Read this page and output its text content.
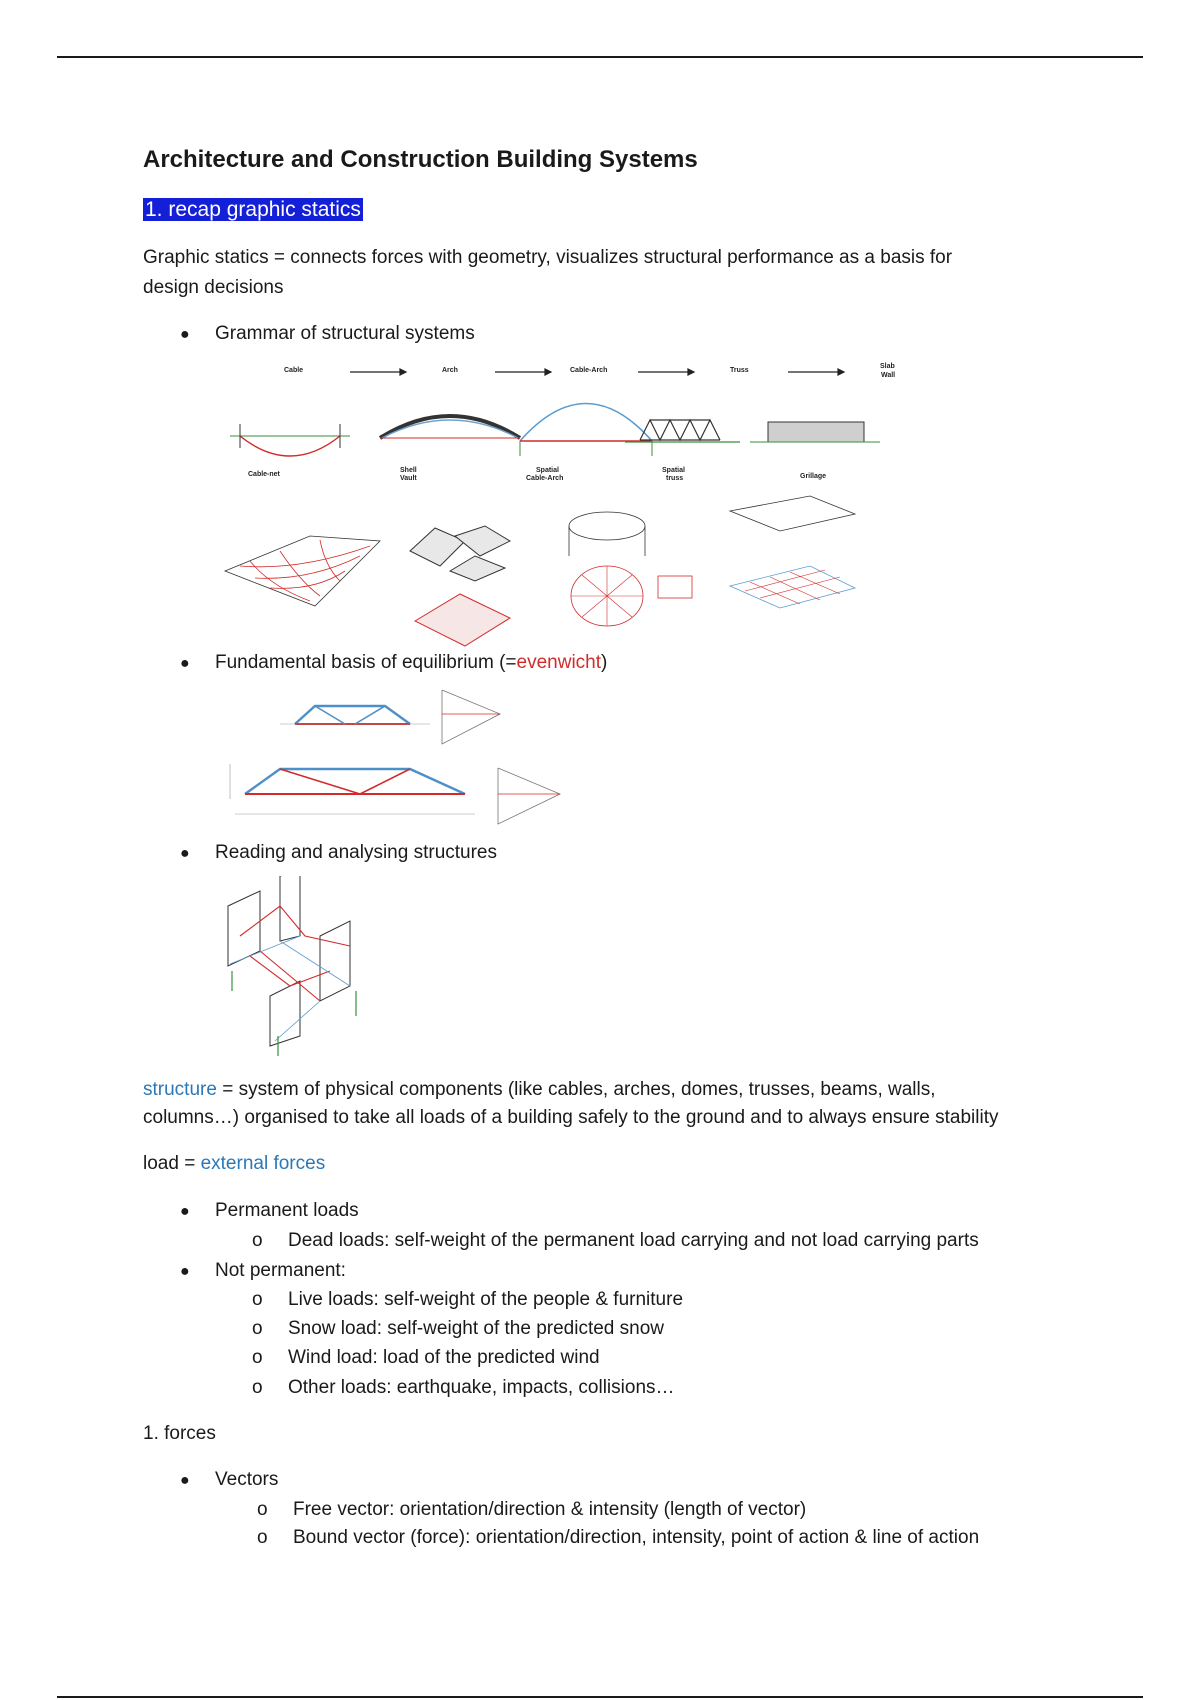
Architecture and Construction Building Systems
1. recap graphic statics
Graphic statics = connects forces with geometry, visualizes structural performance as a basis for
design decisions
● Grammar of structural systems
Cable	Arch	Cable-Arch	Truss
Slab
Wall
Cable-net
Shell
Vault
Spatial
Cable-Arch
Spatial
truss	Grillage
● Fundamental basis of equilibrium (=evenwicht)
● Reading and analysing structures
structure = system of physical components (like cables, arches, domes, trusses, beams, walls,
columns…) organised to take all loads of a building safely to the ground and to always ensure stability
load = external forces
● Permanent loads
o Dead loads: self-weight of the permanent load carrying and not load carrying parts
● Not permanent:
o Live loads: self-weight of the people & furniture
o Snow load: self-weight of the predicted snow
o Wind load: load of the predicted wind
o Other loads: earthquake, impacts, collisions…
1. forces
● Vectors
o Free vector: orientation/direction & intensity (length of vector)
o Bound vector (force): orientation/direction, intensity, point of action & line of action
